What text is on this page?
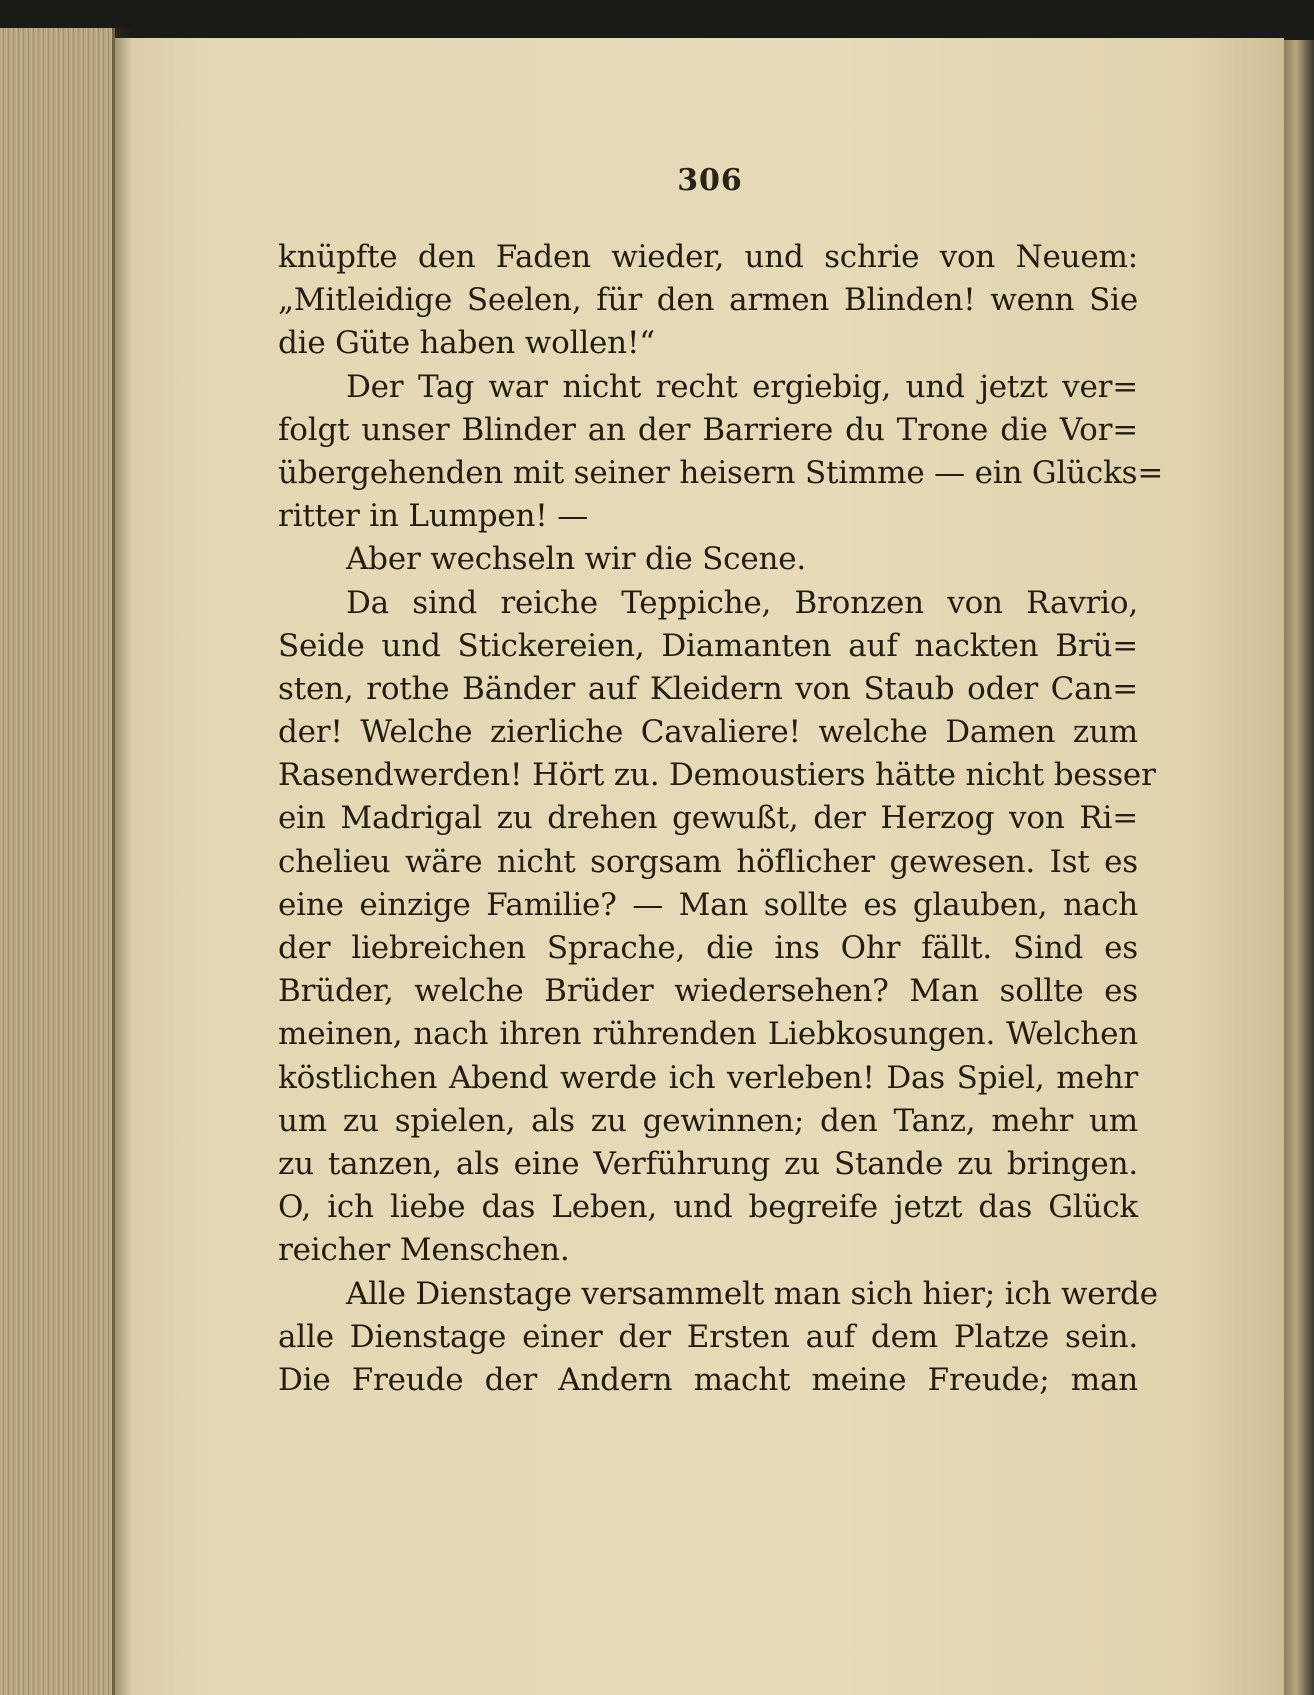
306
knüpfte den Faden wieder, und schrie von Neuem:
„Mitleidige Seelen, für den armen Blinden! wenn Sie
die Güte haben wollen!“
Der Tag war nicht recht ergiebig, und jetzt ver=
folgt unser Blinder an der Barriere du Trone die Vor=
übergehenden mit seiner heisern Stimme — ein Glücks=
ritter in Lumpen! —
Aber wechseln wir die Scene.
Da sind reiche Teppiche, Bronzen von Ravrio,
Seide und Stickereien, Diamanten auf nackten Brü=
sten, rothe Bänder auf Kleidern von Staub oder Can=
der! Welche zierliche Cavaliere! welche Damen zum
Rasendwerden! Hört zu. Demoustiers hätte nicht besser
ein Madrigal zu drehen gewußt, der Herzog von Ri=
chelieu wäre nicht sorgsam höflicher gewesen. Ist es
eine einzige Familie? — Man sollte es glauben, nach
der liebreichen Sprache, die ins Ohr fällt. Sind es
Brüder, welche Brüder wiedersehen? Man sollte es
meinen, nach ihren rührenden Liebkosungen. Welchen
köstlichen Abend werde ich verleben! Das Spiel, mehr
um zu spielen, als zu gewinnen; den Tanz, mehr um
zu tanzen, als eine Verführung zu Stande zu bringen.
O, ich liebe das Leben, und begreife jetzt das Glück
reicher Menschen.
Alle Dienstage versammelt man sich hier; ich werde
alle Dienstage einer der Ersten auf dem Platze sein.
Die Freude der Andern macht meine Freude; man
